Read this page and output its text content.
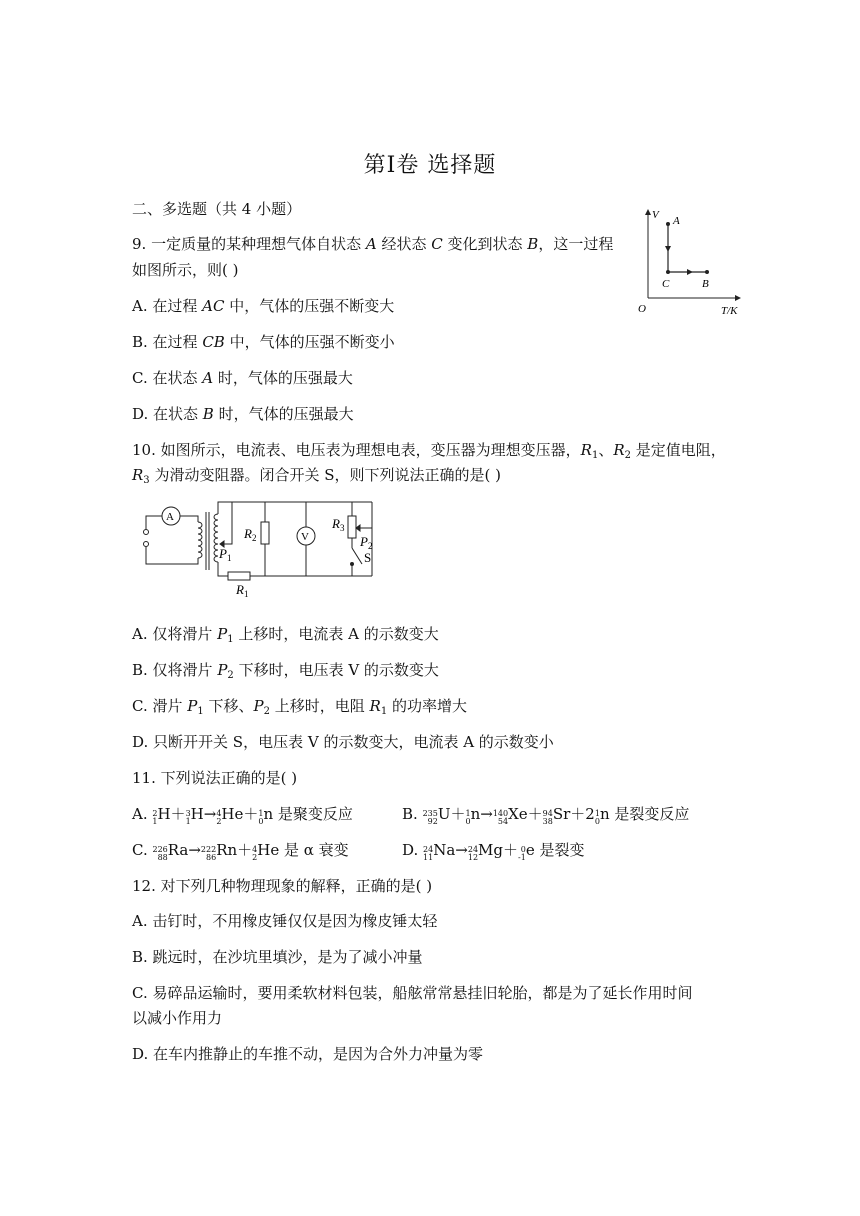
第Ⅰ卷 选择题
二、多选题（共 4 小题）
9. 一定质量的某种理想气体自状态 A 经状态 C 变化到状态 B，这一过程
如图所示，则( )
A. 在过程 AC 中，气体的压强不断变大
B. 在过程 CB 中，气体的压强不断变小
C. 在状态 A 时，气体的压强最大
D. 在状态 B 时，气体的压强最大
V
T/K
O
A
C	B
10. 如图所示，电流表、电压表为理想电表，变压器为理想变压器，$R_1$、$R_2$ 是定值电阻，
$R_3$ 为滑动变阻器。闭合开关 S，则下列说法正确的是( )
A
V
$R_2$
$R_3$
$R_1$
$P_1$
$P_2$
S
A. 仅将滑片 $P_1$ 上移时，电流表 A 的示数变大
B. 仅将滑片 $P_2$ 下移时，电压表 V 的示数变大
C. 滑片 $P_1$ 下移、$P_2$ 上移时，电阻 $R_1$ 的功率增大
D. 只断开开关 S，电压表 V 的示数变大，电流表 A 的示数变小
11. 下列说法正确的是( )
A. 2
1 H＋ 3
1 H→ 4
2 He＋ 1
0 n 是聚变反应	B. 235
92 U＋ 1
0 n→ 140
54 Xe＋ 94
38 Sr＋2 1
0 n 是裂变反应
C. 226
88 Ra→ 222
86 Rn＋ 4
2 He 是 α 衰变	D. 24
11 Na→ 24
12 Mg＋ 0
-1 e 是裂变
12. 对下列几种物理现象的解释，正确的是( )
A. 击钉时，不用橡皮锤仅仅是因为橡皮锤太轻
B. 跳远时，在沙坑里填沙，是为了减小冲量
C. 易碎品运输时，要用柔软材料包装，船舷常常悬挂旧轮胎，都是为了延长作用时间
以减小作用力
D. 在车内推静止的车推不动，是因为合外力冲量为零
